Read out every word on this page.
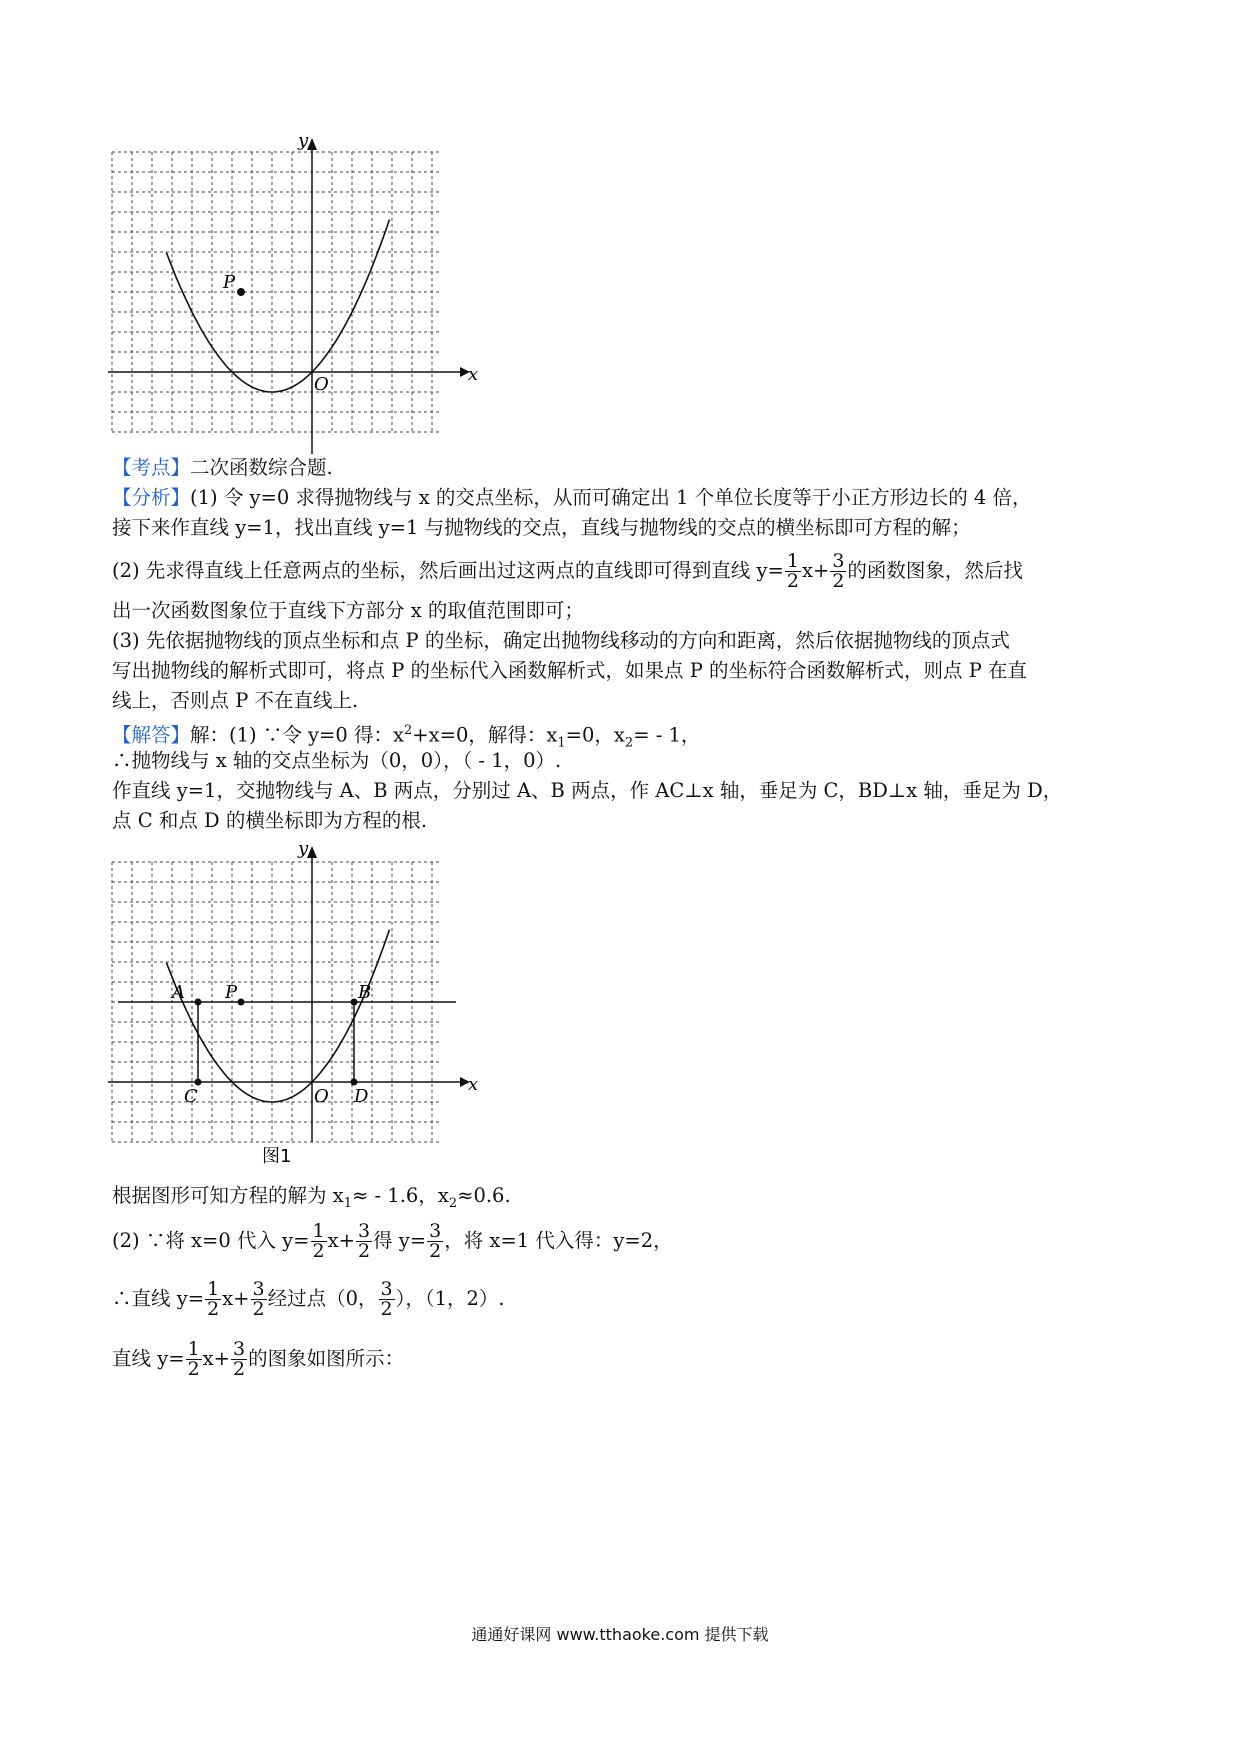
P
y
x
O
【考点】二次函数综合题.
【分析】(1) 令 y=0 求得抛物线与 x 的交点坐标，从而可确定出 1 个单位长度等于小正方形边长的 4 倍，
接下来作直线 y=1，找出直线 y=1 与抛物线的交点，直线与抛物线的交点的横坐标即可方程的解；
(2) 先求得直线上任意两点的坐标，然后画出过这两点的直线即可得到直线 $y= \frac{1}{2} x+ \frac{3}{2}$ 的函数图象，然后找
出一次函数图象位于直线下方部分 x 的取值范围即可；
(3) 先依据抛物线的顶点坐标和点 P 的坐标，确定出抛物线移动的方向和距离，然后依据抛物线的顶点式
写出抛物线的解析式即可，将点 P 的坐标代入函数解析式，如果点 P 的坐标符合函数解析式，则点 P 在直
线上，否则点 P 不在直线上.
【解答】解：(1) ∵令 y=0 得：$x^2+x=0$，解得：$x_1=0$，$x_2= - 1$，
∴抛物线与 x 轴的交点坐标为（0，0），（ - 1，0）.
作直线 y=1，交抛物线与 A、B 两点，分别过 A、B 两点，作 AC⊥x 轴，垂足为 C，BD⊥x 轴，垂足为 D，
点 C 和点 D 的横坐标即为方程的根.
A P	B
C	D
y
x
O
图1
根据图形可知方程的解为 $x_1\approx - 1.6$，$x_2\approx 0.6$.
(2) ∵将 x=0 代入 $y= \frac{1}{2} x+ \frac{3}{2}$ 得 $y= \frac{3}{2}$ ，将 x=1 代入得：y=2，
∴直线 $y= \frac{1}{2} x+ \frac{3}{2}$ 经过点（0， $\frac{3}{2}$ ），（1，2）.
直线 $y= \frac{1}{2} x+ \frac{3}{2}$ 的图象如图所示：
通通好课网 www.tthaoke.com 提供下载
